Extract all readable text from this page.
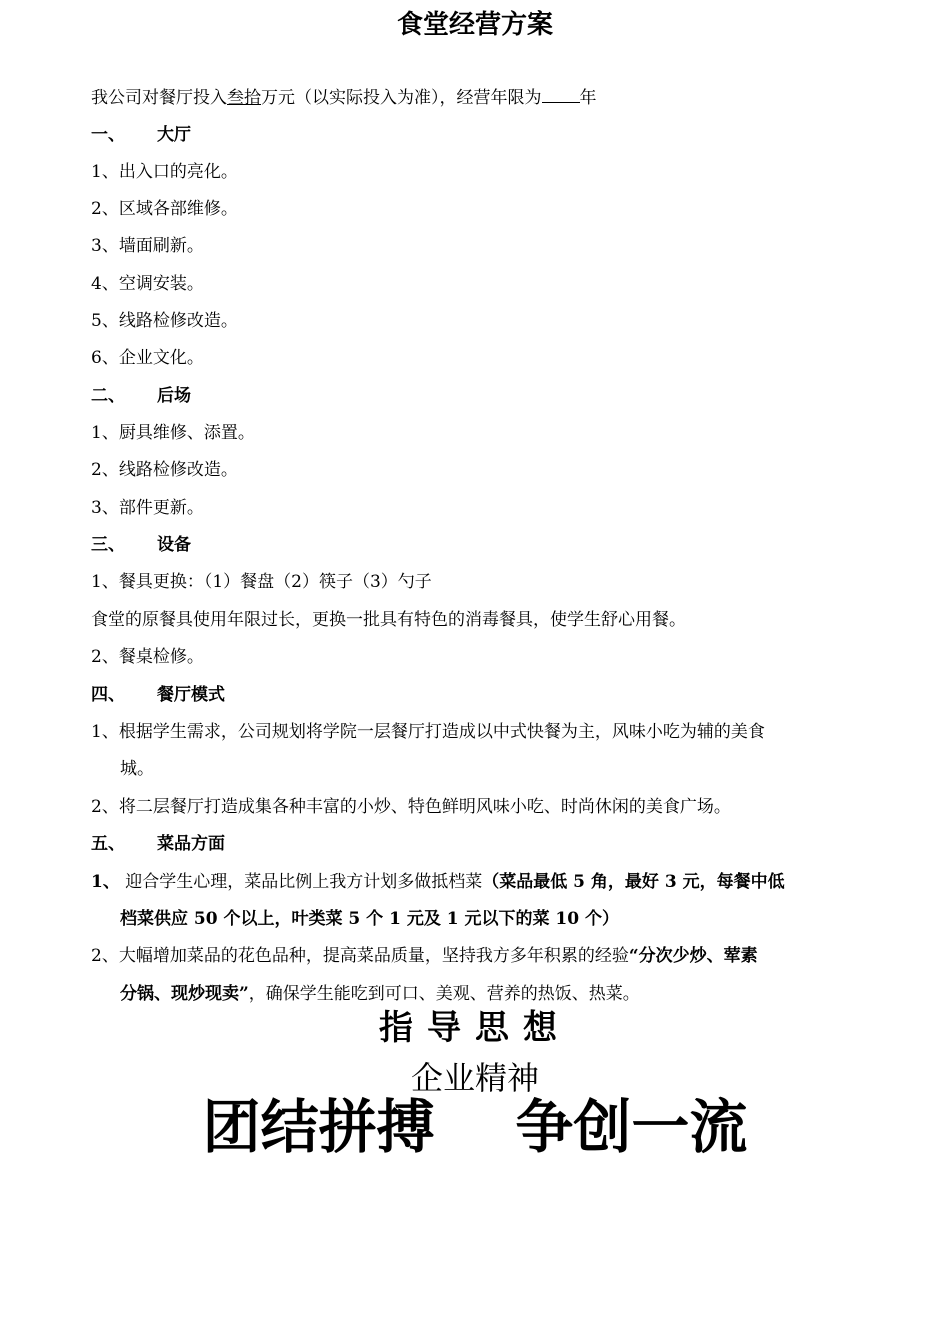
食堂经营方案
我公司对餐厅投入叁拾万元（以实际投入为准），经营年限为 年
一、 大厅
1、出入口的亮化。
2、区域各部维修。
3、墙面刷新。
4、空调安装。
5、线路检修改造。
6、企业文化。
二、 后场
1、厨具维修、添置。
2、线路检修改造。
3、部件更新。
三、 设备
1、餐具更换：（1）餐盘（2）筷子（3）勺子
食堂的原餐具使用年限过长，更换一批具有特色的消毒餐具，使学生舒心用餐。
2、餐桌检修。
四、 餐厅模式
1、根据学生需求，公司规划将学院一层餐厅打造成以中式快餐为主，风味小吃为辅的美食
城。
2、将二层餐厅打造成集各种丰富的小炒、特色鲜明风味小吃、时尚休闲的美食广场。
五、 菜品方面
1、 迎合学生心理，菜品比例上我方计划多做抵档菜（菜品最低 5 角，最好 3 元，每餐中低
档菜供应 50 个以上，叶类菜 5 个 1 元及 1 元以下的菜 10 个）
2、大幅增加菜品的花色品种，提高菜品质量，坚持我方多年积累的经验“分次少炒、荤素
分锅、现炒现卖”，确保学生能吃到可口、美观、营养的热饭、热菜。
指导思想
企业精神
团结拼搏    争创一流
